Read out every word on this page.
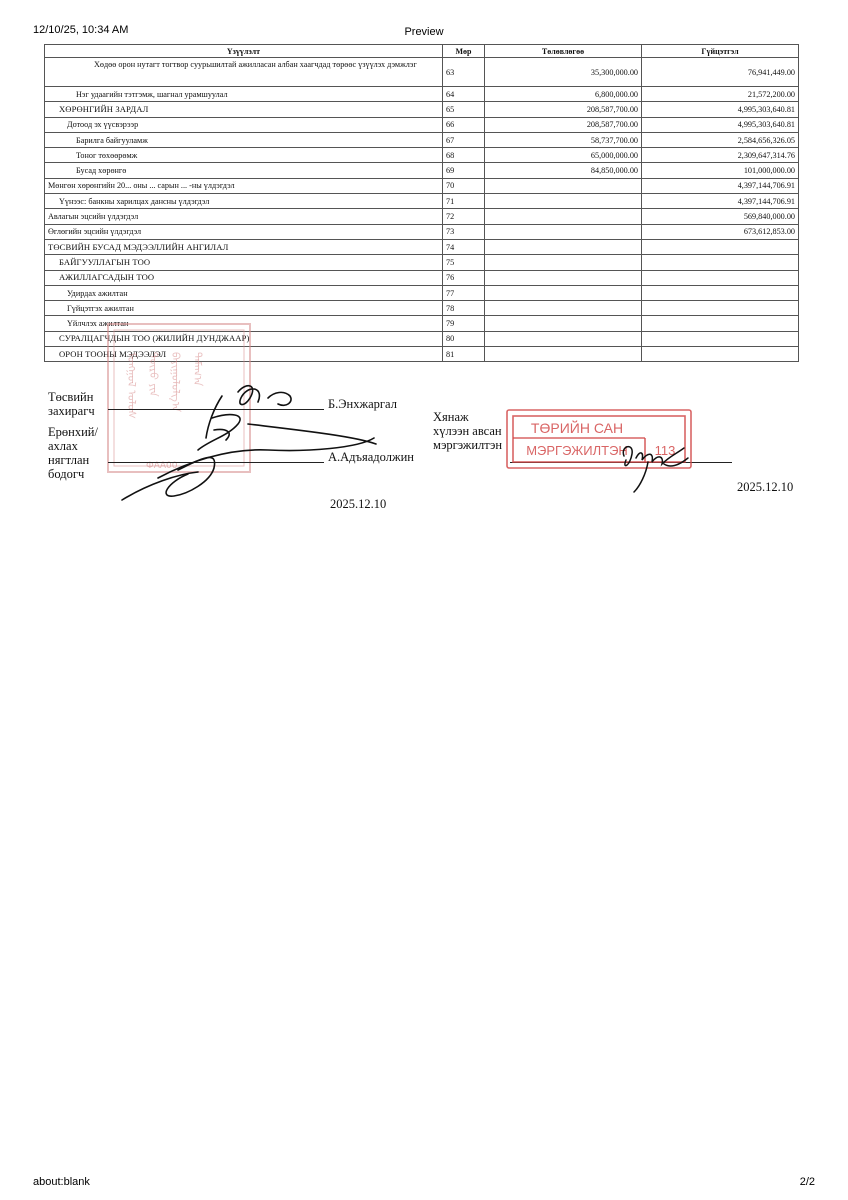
12/10/25, 10:34 AM	Preview
Үзүүлэлт	Мөр	Төлөвлөгөө	Гүйцэтгэл
Хөдөө орон нутагт тогтвор суурьшилтай ажилласан албан хаагчдад төрөөс үзүүлэх дэмжлэг	63	35,300,000.00	76,941,449.00
Нэг удаагийн тэтгэмж, шагнал урамшуулал	64	6,800,000.00	21,572,200.00
ХӨРӨНГИЙН ЗАРДАЛ	65	208,587,700.00	4,995,303,640.81
Дотоод эх үүсвэрээр	66	208,587,700.00	4,995,303,640.81
Барилга байгууламж	67	58,737,700.00	2,584,656,326.05
Тоног төхөөрөмж	68	65,000,000.00	2,309,647,314.76
Бусад хөрөнгө	69	84,850,000.00	101,000,000.00
Мөнгөн хөрөнгийн 20... оны ... сарын ... -ны үлдэгдэл	70		4,397,144,706.91
Үүнээс: банкны харилцах дансны үлдэгдэл	71		4,397,144,706.91
Авлагын эцсийн үлдэгдэл	72		569,840,000.00
Өглөгийн эцсийн үлдэгдэл	73		673,612,853.00
ТӨСВИЙН БУСАД МЭДЭЭЛЛИЙН АНГИЛАЛ	74		
БАЙГУУЛЛАГЫН ТОО	75		
АЖИЛЛАГСАДЫН ТОО	76		
Удирдах ажилтан	77		
Гүйцэтгэх ажилтан	78		
Үйлчлэх ажилтан	79		
СУРАЛЦАГЧДЫН ТОО (ЖИЛИЙН ДУНДЖААР)	80		
ОРОН ТООНЫ МЭДЭЭЛЭЛ	81		
ᠮᠣᠩᠭᠣᠯ ᠤᠯᠤᠰ ᠲᠥᠷᠦ ᠶᠢᠨ ᠪᠠᠶᠢᠭᠤᠯᠤᠯᠭ᠎ᠠ ᠲᠠᠮᠠᠭ᠎ᠠ
ФАА00
Төсвийн
захирагч	Б.Энхжаргал
Ерөнхий/
ахлах
нягтлан
бодогч
А.Адъяадолжин
2025.12.10
Хянаж
хүлээн авсан
мэргэжилтэн
2025.12.10
ТӨРИЙН САН
МЭРГЭЖИЛТЭН 113
about:blank	2/2
